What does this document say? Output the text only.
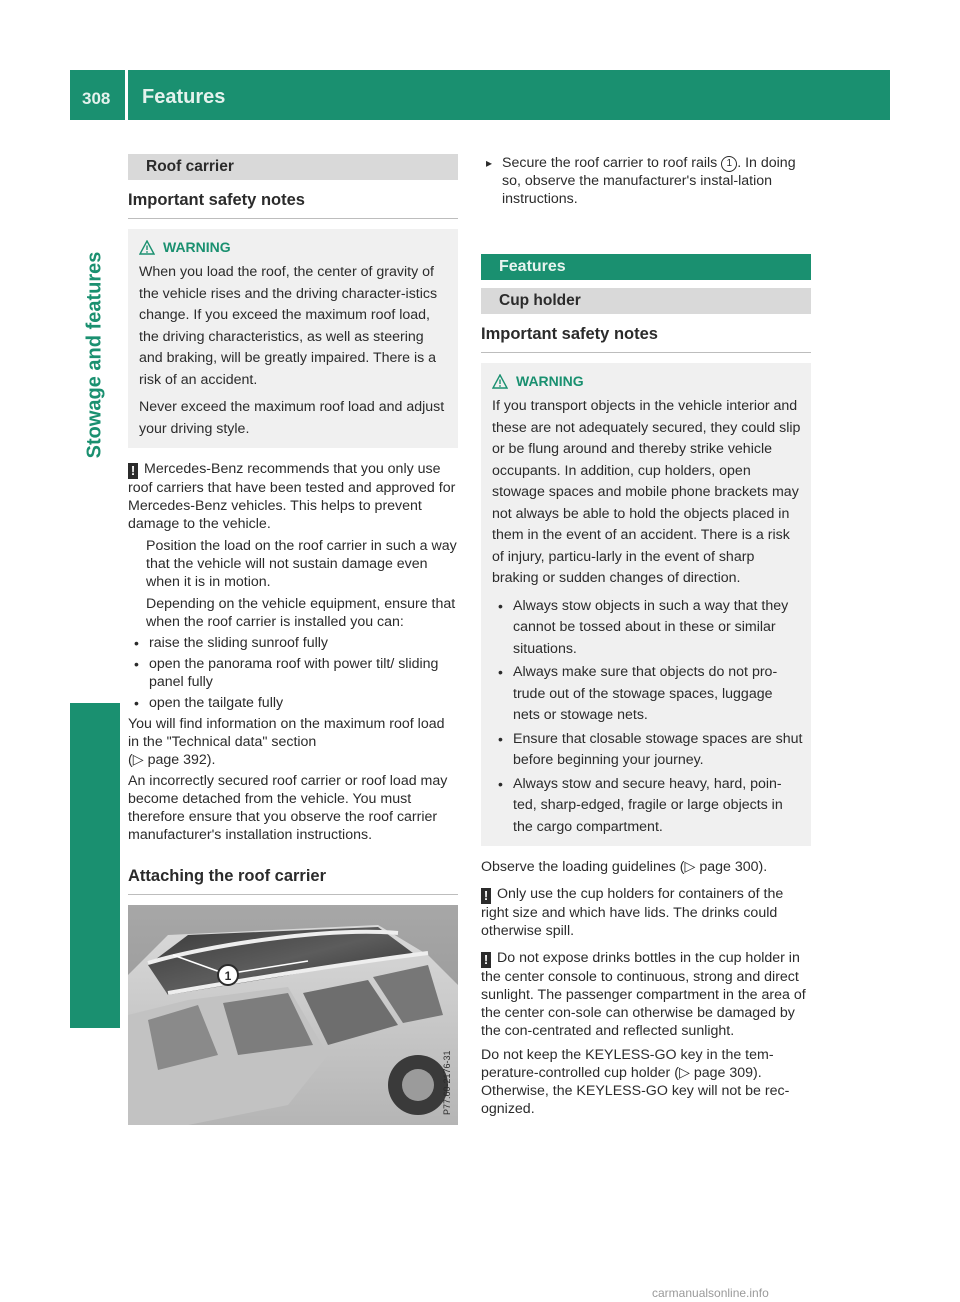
308 Features
Stowage and features
Roof carrier
Important safety notes
WARNING

When you load the roof, the center of gravity of the vehicle rises and the driving character-istics change. If you exceed the maximum roof load, the driving characteristics, as well as steering and braking, will be greatly impaired. There is a risk of an accident.

Never exceed the maximum roof load and adjust your driving style.

! Mercedes-Benz recommends that you only use roof carriers that have been tested and approved for Mercedes-Benz vehicles. This helps to prevent damage to the vehicle.

Position the load on the roof carrier in such a way that the vehicle will not sustain damage even when it is in motion.

Depending on the vehicle equipment, ensure that when the roof carrier is installed you can:

• raise the sliding sunroof fully
• open the panorama roof with power tilt/ sliding panel fully
• open the tailgate fully
You will find information on the maximum roof load in the "Technical data" section
(▷ page 392).

An incorrectly secured roof carrier or roof load may become detached from the vehicle. You must therefore ensure that you observe the roof carrier manufacturer's installation instructions.

Attaching the roof carrier
1
P77.60-2176-31
▸ Secure the roof carrier to roof rails 1 . In doing so, observe the manufacturer's instal-lation instructions.
Features
Cup holder
Important safety notes
WARNING

If you transport objects in the vehicle interior and these are not adequately secured, they could slip or be flung around and thereby strike vehicle occupants. In addition, cup holders, open stowage spaces and mobile phone brackets may not always be able to hold the objects placed in them in the event of an accident. There is a risk of injury, particu-larly in the event of sharp braking or sudden changes of direction.

• Always stow objects in such a way that they cannot be tossed about in these or similar situations.
• Always make sure that objects do not pro-trude out of the stowage spaces, luggage nets or stowage nets.
• Ensure that closable stowage spaces are shut before beginning your journey.
• Always stow and secure heavy, hard, poin-ted, sharp-edged, fragile or large objects in the cargo compartment.
Observe the loading guidelines (▷ page 300).

! Only use the cup holders for containers of the right size and which have lids. The drinks could otherwise spill.

! Do not expose drinks bottles in the cup holder in the center console to continuous, strong and direct sunlight. The passenger compartment in the area of the center con-sole can otherwise be damaged by the con-centrated and reflected sunlight.

Do not keep the KEYLESS-GO key in the tem-perature-controlled cup holder (▷ page 309). Otherwise, the KEYLESS-GO key will not be rec-ognized.
carmanualsonline.info
